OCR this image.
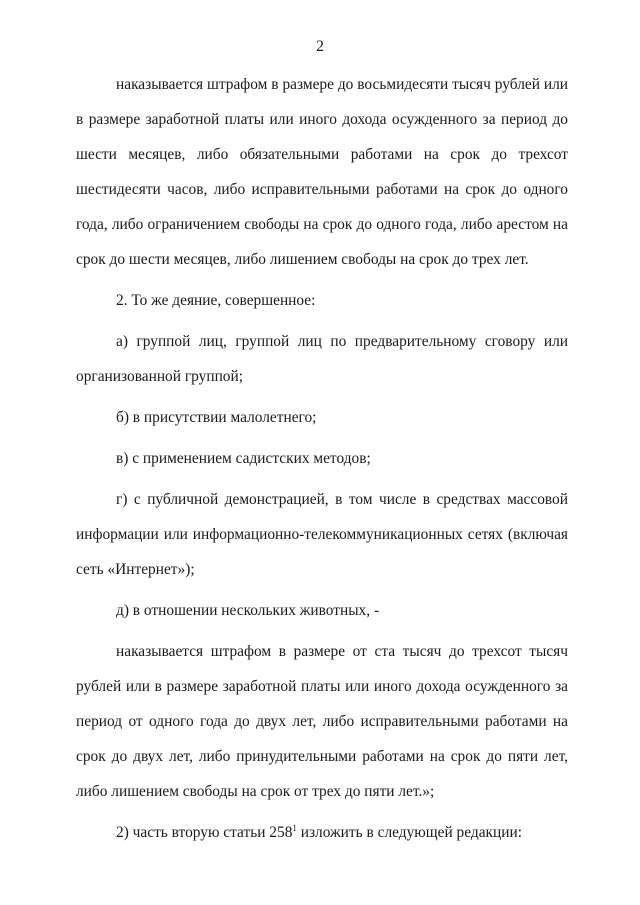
2

наказывается штрафом в размере до восьмидесяти тысяч рублей или в размере заработной платы или иного дохода осужденного за период до шести месяцев, либо обязательными работами на срок до трехсот шестидесяти часов, либо исправительными работами на срок до одного года, либо ограничением свободы на срок до одного года, либо арестом на срок до шести месяцев, либо лишением свободы на срок до трех лет.

2. То же деяние, совершенное:

а) группой лиц, группой лиц по предварительному сговору или организованной группой;

б) в присутствии малолетнего;

в) с применением садистских методов;

г) с публичной демонстрацией, в том числе в средствах массовой информации или информационно-телекоммуникационных сетях (включая сеть «Интернет»);

д) в отношении нескольких животных, -

наказывается штрафом в размере от ста тысяч до трехсот тысяч рублей или в размере заработной платы или иного дохода осужденного за период от одного года до двух лет, либо исправительными работами на срок до двух лет, либо принудительными работами на срок до пяти лет, либо лишением свободы на срок от трех до пяти лет.»;

2) часть вторую статьи $258^1$ изложить в следующей редакции:
